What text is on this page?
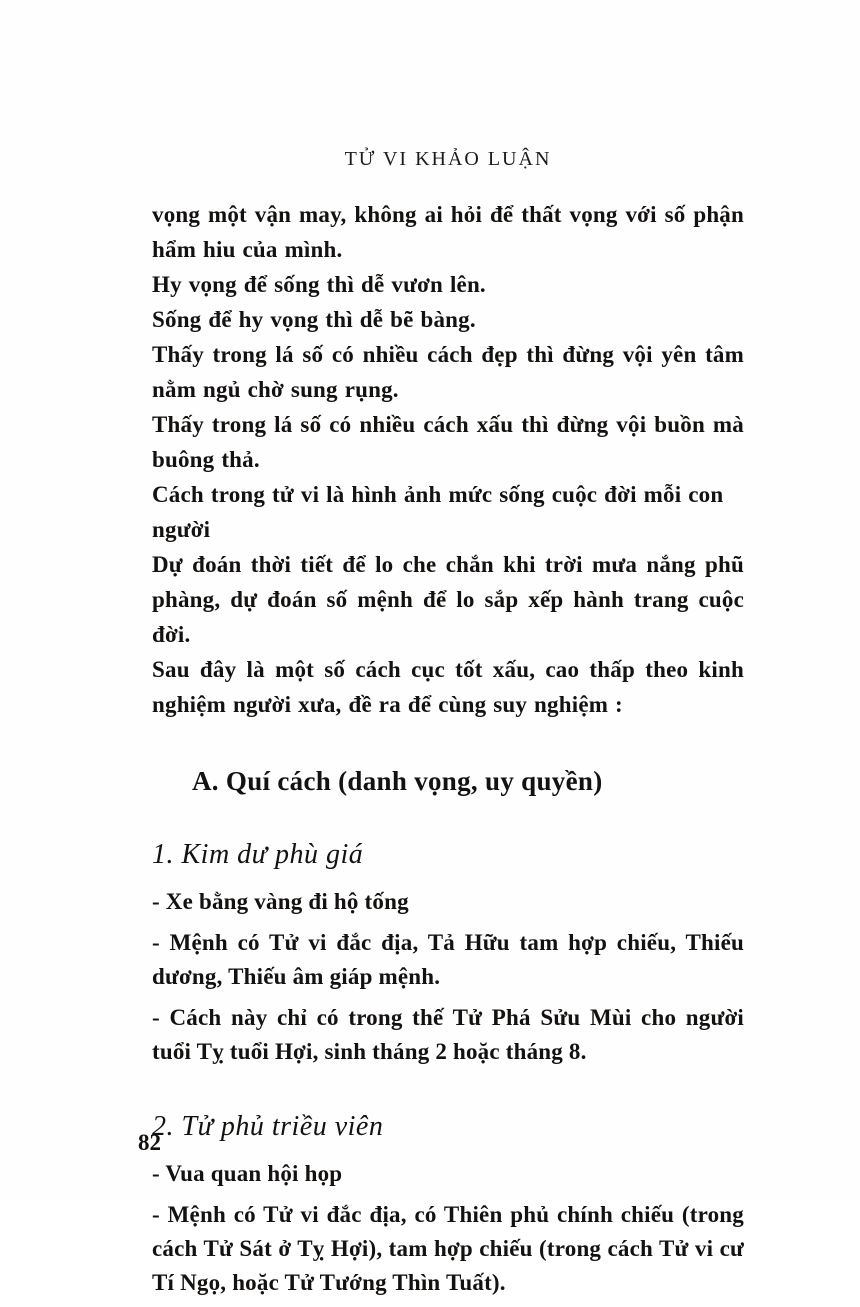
TỬ VI KHẢO LUẬN

vọng một vận may, không ai hỏi để thất vọng với số phận hẩm hiu của mình.

Hy vọng để sống thì dễ vươn lên.

Sống để hy vọng thì dễ bẽ bàng.

Thấy trong lá số có nhiều cách đẹp thì đừng vội yên tâm nằm ngủ chờ sung rụng.

Thấy trong lá số có nhiều cách xấu thì đừng vội buồn mà buông thả.

Cách trong tử vi là hình ảnh mức sống cuộc đời mỗi con người

Dự đoán thời tiết để lo che chắn khi trời mưa nắng phũ phàng, dự đoán số mệnh để lo sắp xếp hành trang cuộc đời.

Sau đây là một số cách cục tốt xấu, cao thấp theo kinh nghiệm người xưa, đề ra để cùng suy nghiệm :

A. Quí cách (danh vọng, uy quyền)
1. Kim dư phù giá

- Xe bằng vàng đi hộ tống

- Mệnh có Tử vi đắc địa, Tả Hữu tam hợp chiếu, Thiếu dương, Thiếu âm giáp mệnh.

- Cách này chỉ có trong thế Tử Phá Sửu Mùi cho người tuổi Tỵ tuổi Hợi, sinh tháng 2 hoặc tháng 8.

2. Tử phủ triều viên

- Vua quan hội họp

- Mệnh có Tử vi đắc địa, có Thiên phủ chính chiếu (trong cách Tử Sát ở Tỵ Hợi), tam hợp chiếu (trong cách Tử vi cư Tí Ngọ, hoặc Tử Tướng Thìn Tuất).

82
